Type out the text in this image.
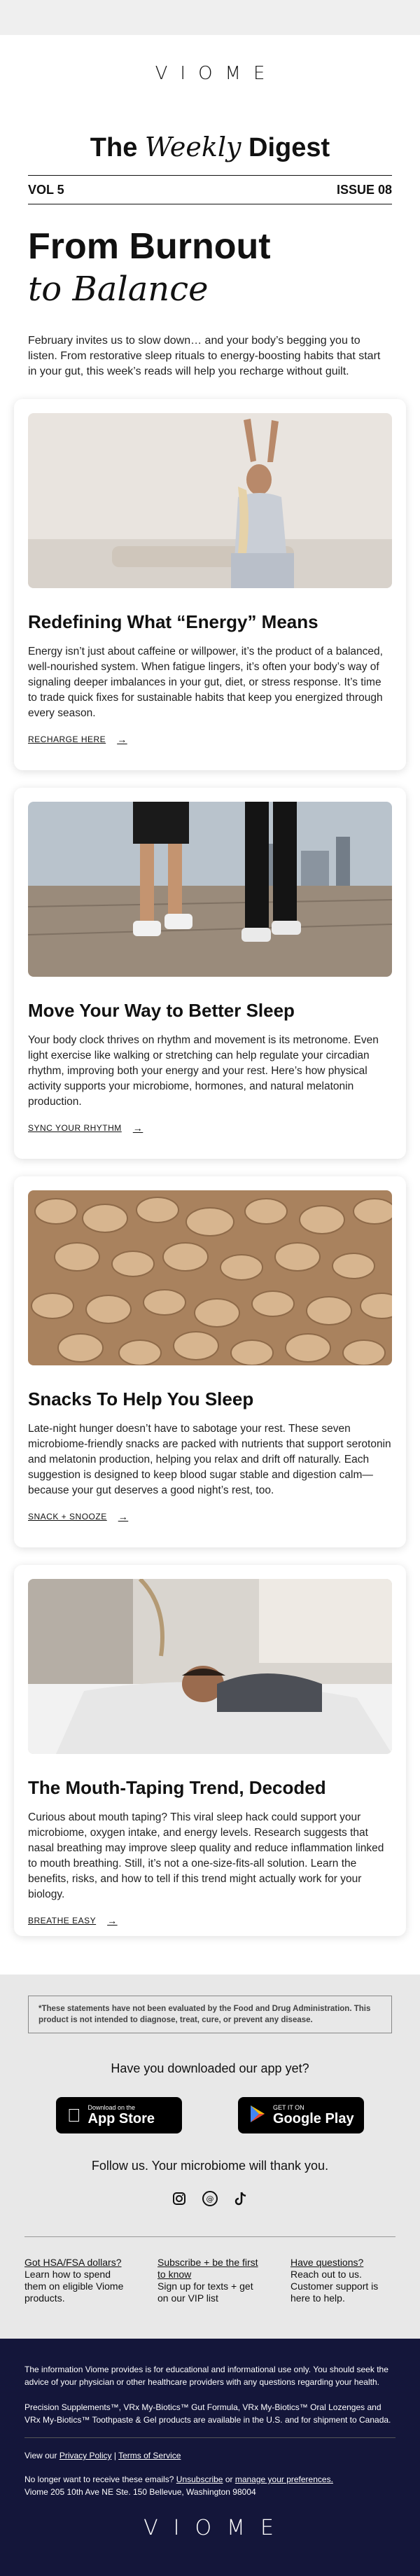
VIOME
The Weekly Digest
VOL 5	ISSUE 08
From Burnout
to Balance

February invites us to slow down… and your body’s begging you to listen. From restorative sleep rituals to energy-boosting habits that start in your gut, this week’s reads will help you recharge without guilt.

Redefining What “Energy” Means

Energy isn’t just about caffeine or willpower, it’s the product of a balanced, well-nourished system. When fatigue lingers, it’s often your body’s way of signaling deeper imbalances in your gut, diet, or stress response. It’s time to trade quick fixes for sustainable habits that keep you energized through every season.

RECHARGE HERE →
Move Your Way to Better Sleep

Your body clock thrives on rhythm and movement is its metronome. Even light exercise like walking or stretching can help regulate your circadian rhythm, improving both your energy and your rest. Here’s how physical activity supports your microbiome, hormones, and natural melatonin production.

SYNC YOUR RHYTHM →
Snacks To Help You Sleep

Late-night hunger doesn’t have to sabotage your rest. These seven microbiome-friendly snacks are packed with nutrients that support serotonin and melatonin production, helping you relax and drift off naturally. Each suggestion is designed to keep blood sugar stable and digestion calm—because your gut deserves a good night’s rest, too.

SNACK + SNOOZE →
The Mouth-Taping Trend, Decoded

Curious about mouth taping? This viral sleep hack could support your microbiome, oxygen intake, and energy levels. Research suggests that nasal breathing may improve sleep quality and reduce inflammation linked to mouth breathing. Still, it’s not a one-size-fits-all solution. Learn the benefits, risks, and how to tell if this trend might actually work for your biology.

BREATHE EASY →
*These statements have not been evaluated by the Food and Drug Administration. This product is not intended to diagnose, treat, cure, or prevent any disease.
Have you downloaded our app yet?
Download on the
App Store
GET IT ON
Google Play
Follow us. Your microbiome will thank you.
@
Got HSA/FSA dollars?
Learn how to spend them on eligible Viome products.
Subscribe + be the first to know
Sign up for texts + get on our VIP list
Have questions?
Reach out to us. Customer support is here to help.
The information Viome provides is for educational and informational use only. You should seek the advice of your physician or other healthcare providers with any questions regarding your health.
Precision Supplements™, VRx My-Biotics™ Gut Formula, VRx My-Biotics™ Oral Lozenges and VRx My-Biotics™ Toothpaste & Gel products are available in the U.S. and for shipment to Canada.
View our Privacy Policy | Terms of Service
No longer want to receive these emails? Unsubscribe or manage your preferences.
Viome 205 10th Ave NE Ste. 150 Bellevue, Washington 98004
VIOME
